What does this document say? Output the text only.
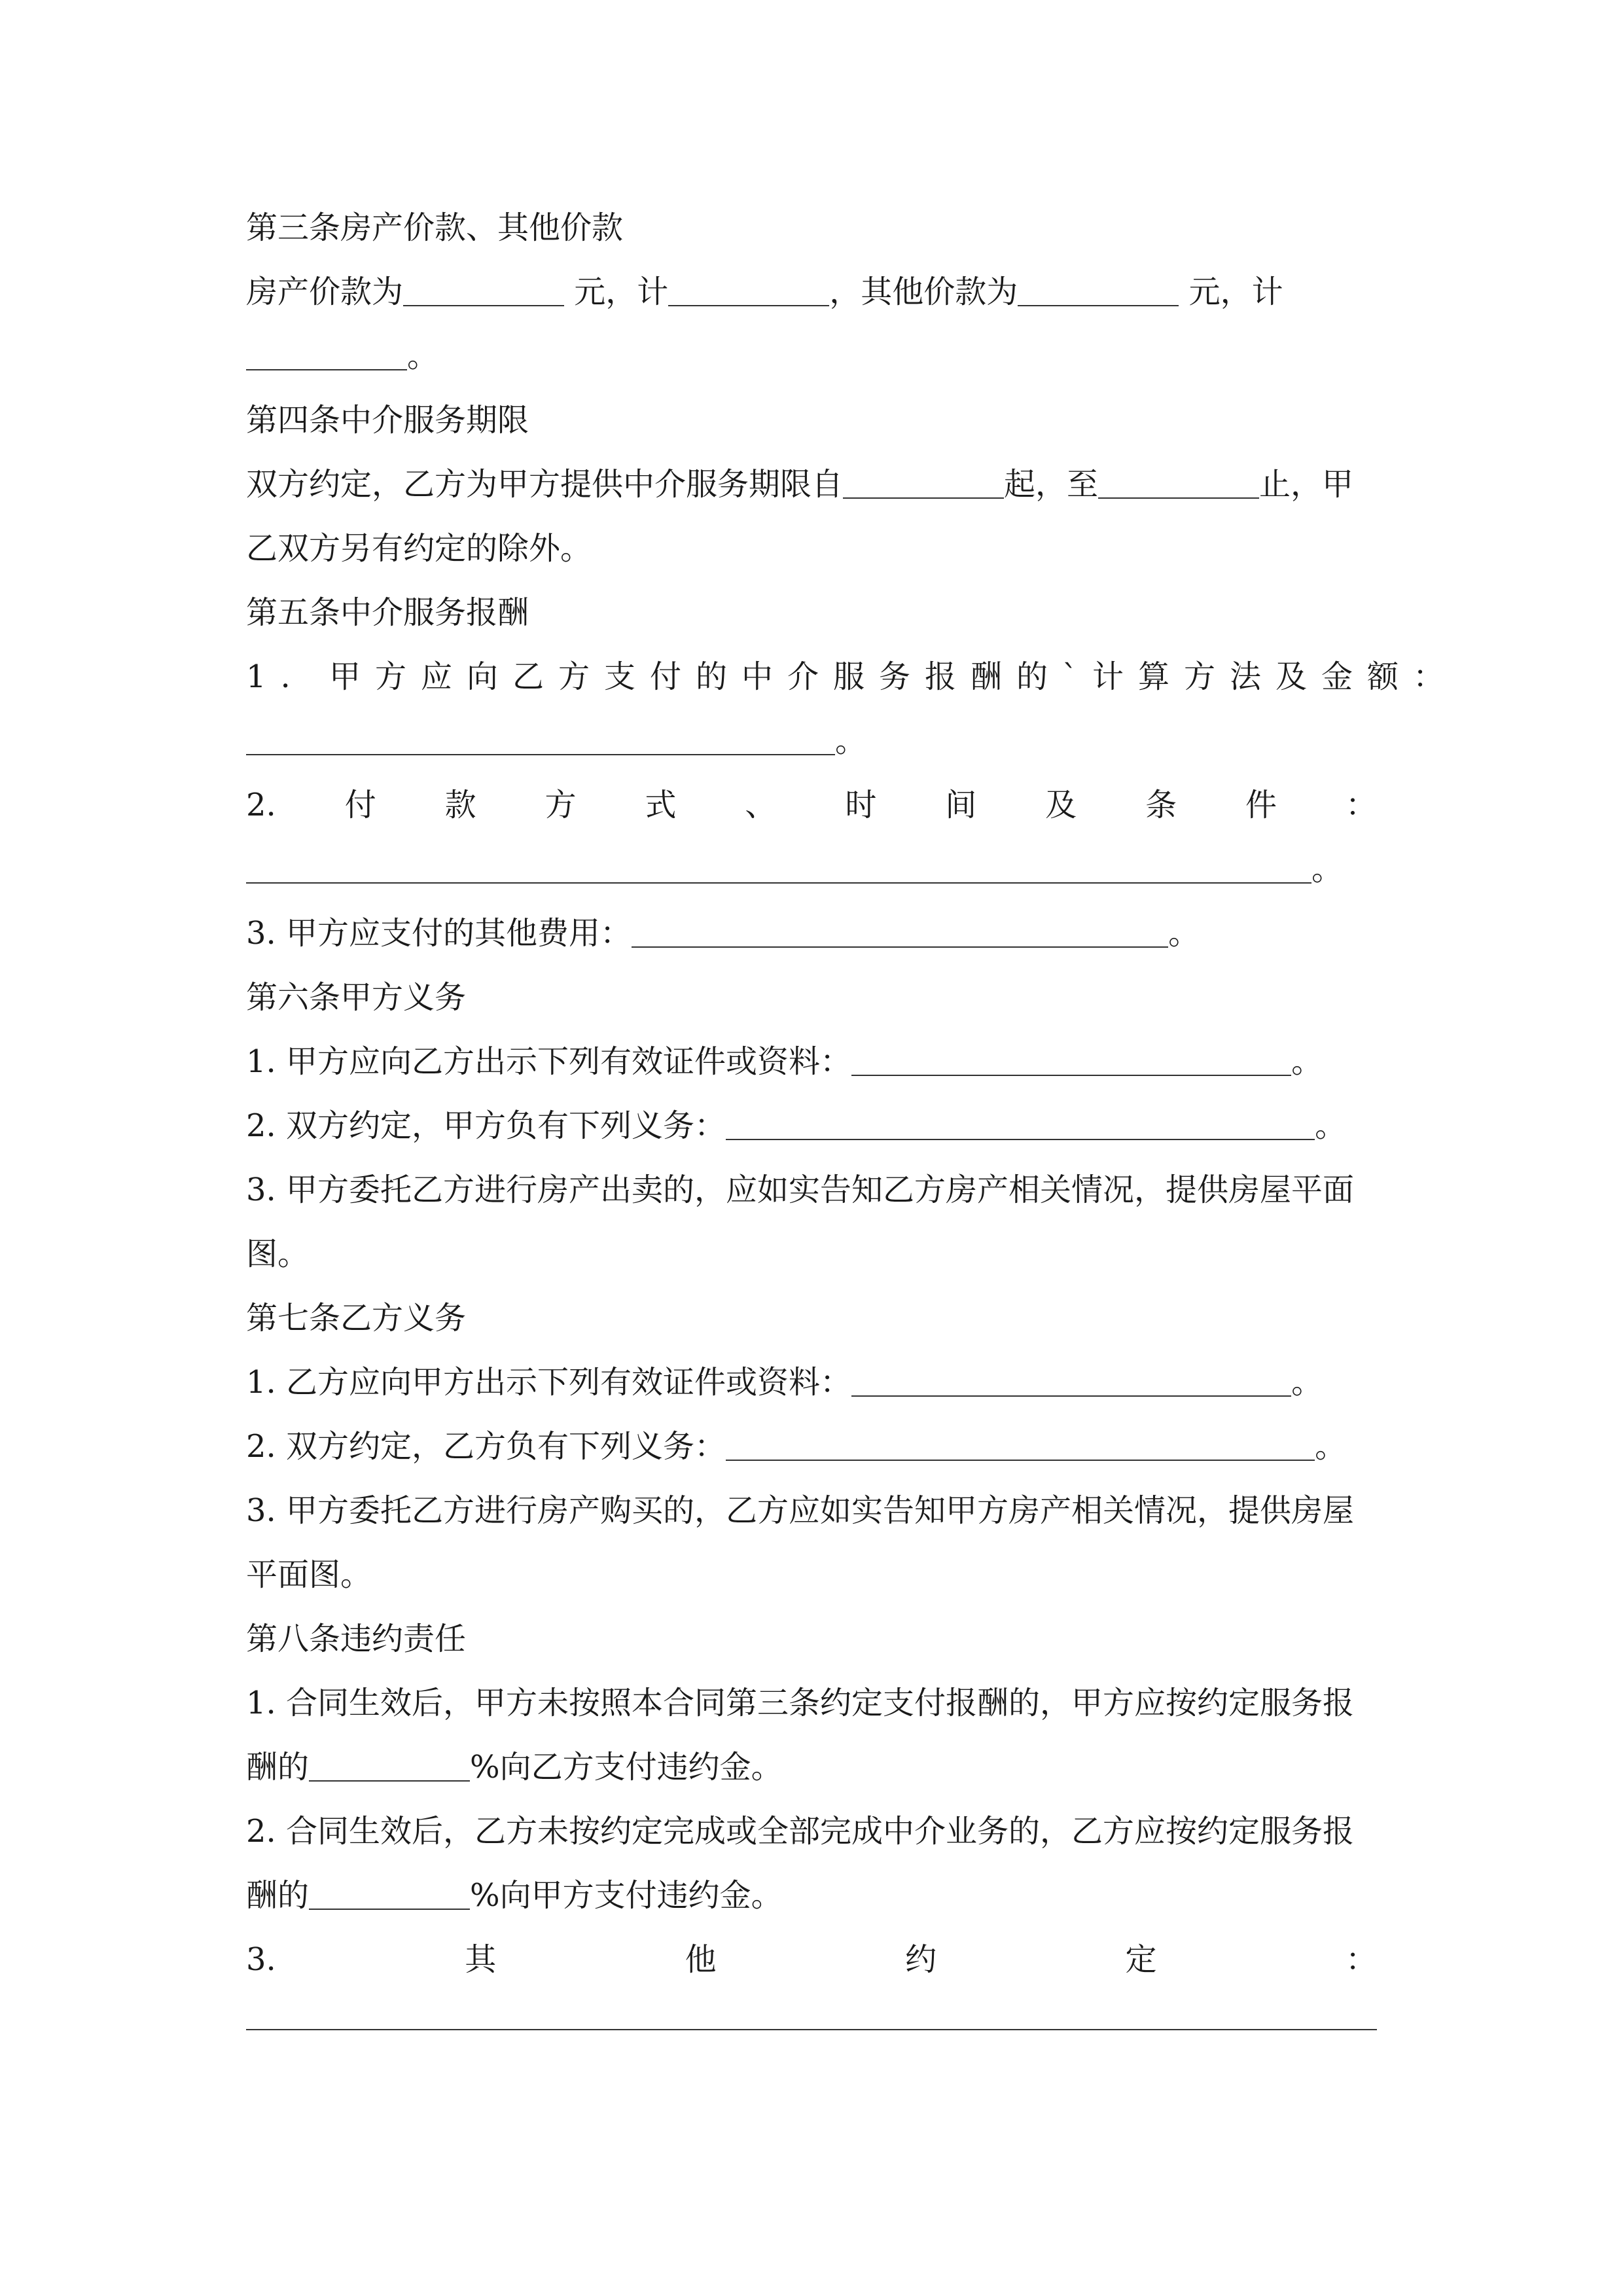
第三条房产价款、其他价款
房产价款为	元，计	，其他价款为	元，计
。
第四条中介服务期限
双方约定，乙方为甲方提供中介服务期限自	起，至	止，甲
乙双方另有约定的除外。
第五条中介服务报酬
1. 甲方应向乙方支付的中介服务报酬的`计算方法及金额：
。
2. 付 款 方 式 、 时 间 及 条 件 ：
。
3. 甲方应支付的其他费用：	。
第六条甲方义务
1. 甲方应向乙方出示下列有效证件或资料：	。
2. 双方约定，甲方负有下列义务：	。
3. 甲方委托乙方进行房产出卖的，应如实告知乙方房产相关情况，提供房屋平面
图。
第七条乙方义务
1. 乙方应向甲方出示下列有效证件或资料：	。
2. 双方约定，乙方负有下列义务：	。
3. 甲方委托乙方进行房产购买的，乙方应如实告知甲方房产相关情况，提供房屋
平面图。
第八条违约责任
1. 合同生效后，甲方未按照本合同第三条约定支付报酬的，甲方应按约定服务报
酬的	%向乙方支付违约金。
2. 合同生效后，乙方未按约定完成或全部完成中介业务的，乙方应按约定服务报
酬的	%向甲方支付违约金。
3.	其	他	约	定	：
